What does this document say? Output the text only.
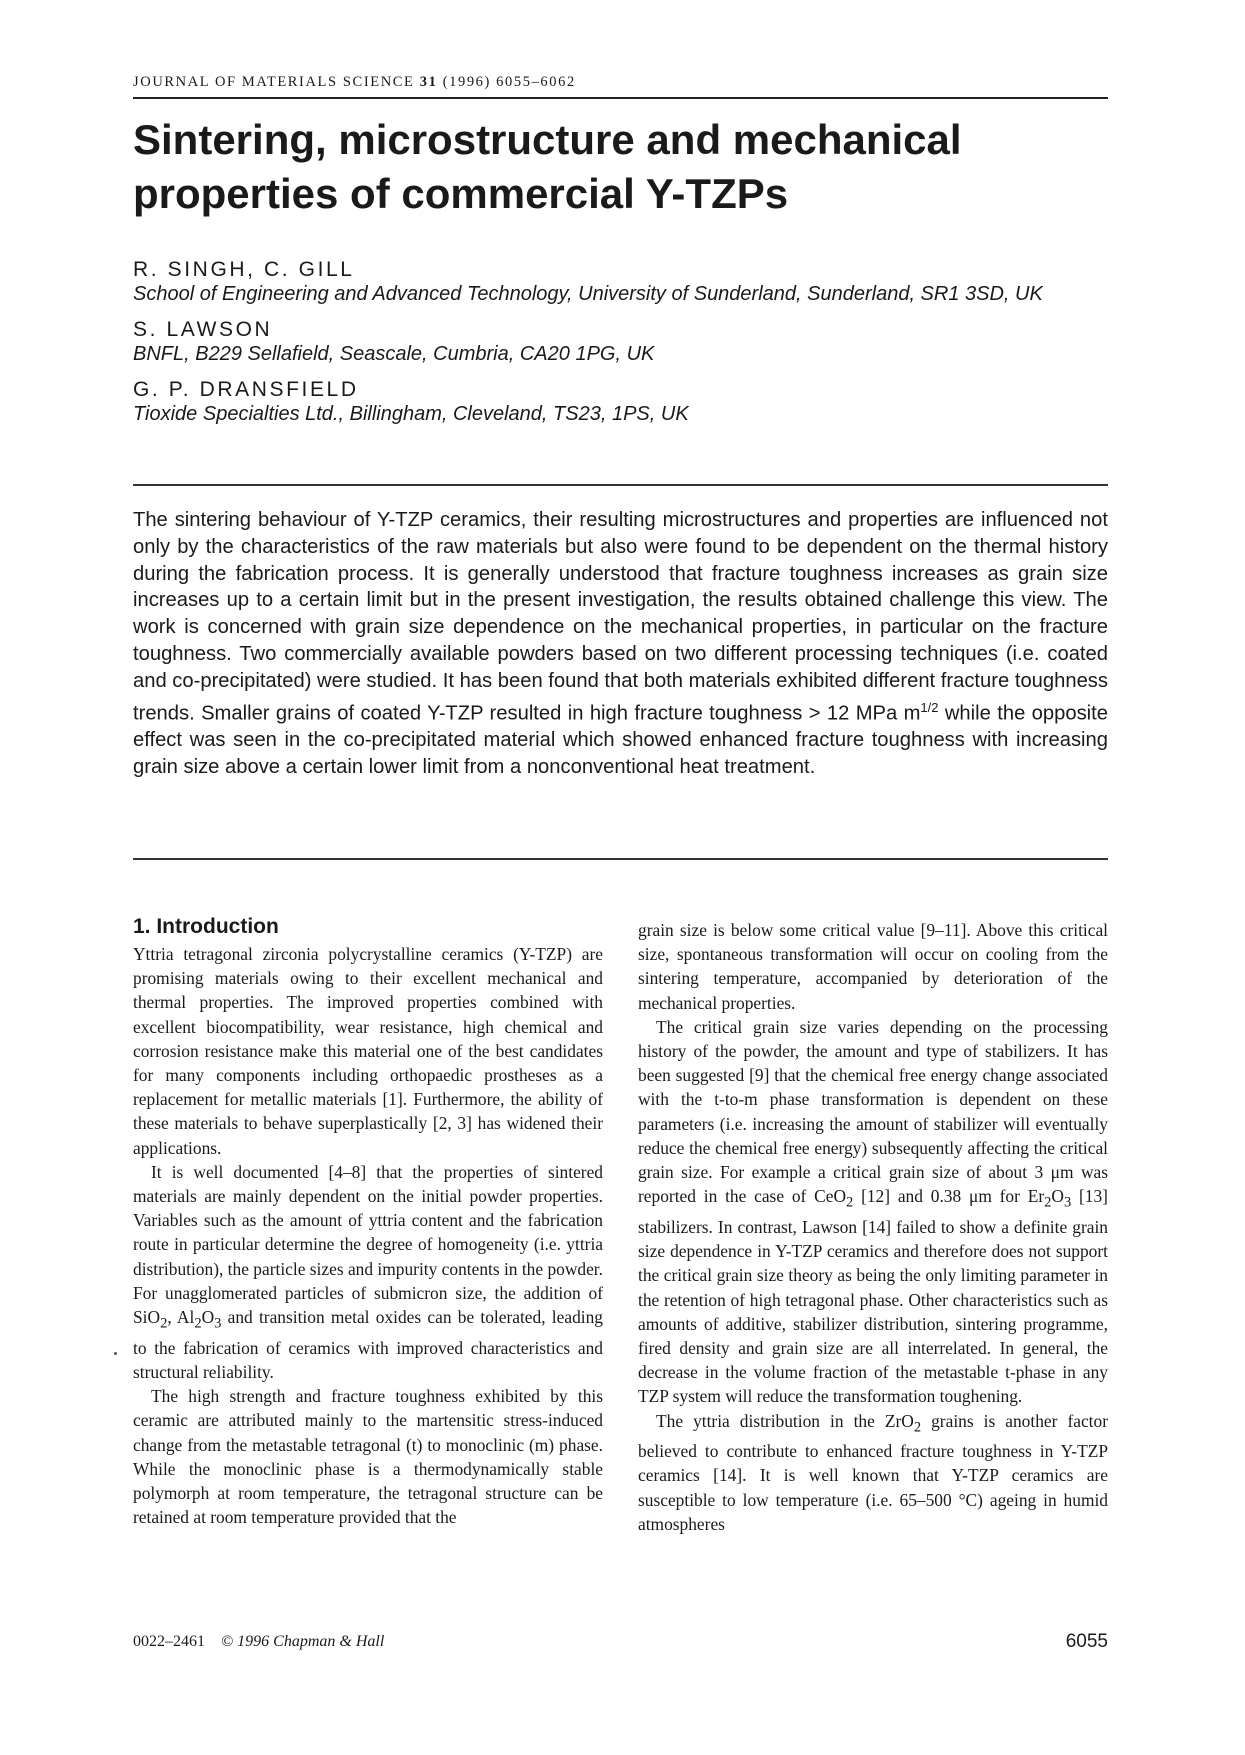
JOURNAL OF MATERIALS SCIENCE 31 (1996) 6055–6062
Sintering, microstructure and mechanical
properties of commercial Y-TZPs
R. SINGH, C. GILL
School of Engineering and Advanced Technology, University of Sunderland, Sunderland, SR1 3SD, UK
S. LAWSON
BNFL, B229 Sellafield, Seascale, Cumbria, CA20 1PG, UK
G. P. DRANSFIELD
Tioxide Specialties Ltd., Billingham, Cleveland, TS23, 1PS, UK

The sintering behaviour of Y-TZP ceramics, their resulting microstructures and properties are influenced not only by the characteristics of the raw materials but also were found to be dependent on the thermal history during the fabrication process. It is generally understood that fracture toughness increases as grain size increases up to a certain limit but in the present investigation, the results obtained challenge this view. The work is concerned with grain size dependence on the mechanical properties, in particular on the fracture toughness. Two commercially available powders based on two different processing techniques (i.e. coated and co-precipitated) were studied. It has been found that both materials exhibited different fracture toughness trends. Smaller grains of coated Y-TZP resulted in high fracture toughness > 12 MPa $m^{1/2}$ while the opposite effect was seen in the co-precipitated material which showed enhanced fracture toughness with increasing grain size above a certain lower limit from a nonconventional heat treatment.

1. Introduction

Yttria tetragonal zirconia polycrystalline ceramics (Y-TZP) are promising materials owing to their excellent mechanical and thermal properties. The improved properties combined with excellent biocompatibility, wear resistance, high chemical and corrosion resistance make this material one of the best candidates for many components including orthopaedic prostheses as a replacement for metallic materials [1]. Furthermore, the ability of these materials to behave superplastically [2, 3] has widened their applications.

It is well documented [4–8] that the properties of sintered materials are mainly dependent on the initial powder properties. Variables such as the amount of yttria content and the fabrication route in particular determine the degree of homogeneity (i.e. yttria distribution), the particle sizes and impurity contents in the powder. For unagglomerated particles of submicron size, the addition of SiO$_2$, $Al_2O_3$ and transition metal oxides can be tolerated, leading to the fabrication of ceramics with improved characteristics and structural reliability.

The high strength and fracture toughness exhibited by this ceramic are attributed mainly to the martensitic stress-induced change from the metastable tetragonal (t) to monoclinic (m) phase. While the monoclinic phase is a thermodynamically stable polymorph at room temperature, the tetragonal structure can be retained at room temperature provided that the

grain size is below some critical value [9–11]. Above this critical size, spontaneous transformation will occur on cooling from the sintering temperature, accompanied by deterioration of the mechanical properties.

The critical grain size varies depending on the processing history of the powder, the amount and type of stabilizers. It has been suggested [9] that the chemical free energy change associated with the t-to-m phase transformation is dependent on these parameters (i.e. increasing the amount of stabilizer will eventually reduce the chemical free energy) subsequently affecting the critical grain size. For example a critical grain size of about 3 μm was reported in the case of CeO$_2$ [12] and 0.38 μm for $Er_2O_3$ [13] stabilizers. In contrast, Lawson [14] failed to show a definite grain size dependence in Y-TZP ceramics and therefore does not support the critical grain size theory as being the only limiting parameter in the retention of high tetragonal phase. Other characteristics such as amounts of additive, stabilizer distribution, sintering programme, fired density and grain size are all interrelated. In general, the decrease in the volume fraction of the metastable t-phase in any TZP system will reduce the transformation toughening.

The yttria distribution in the ZrO$_2$ grains is another factor believed to contribute to enhanced fracture toughness in Y-TZP ceramics [14]. It is well known that Y-TZP ceramics are susceptible to low temperature (i.e. 65–500 °C) ageing in humid atmospheres

0022–2461 © 1996 Chapman & Hall	6055
